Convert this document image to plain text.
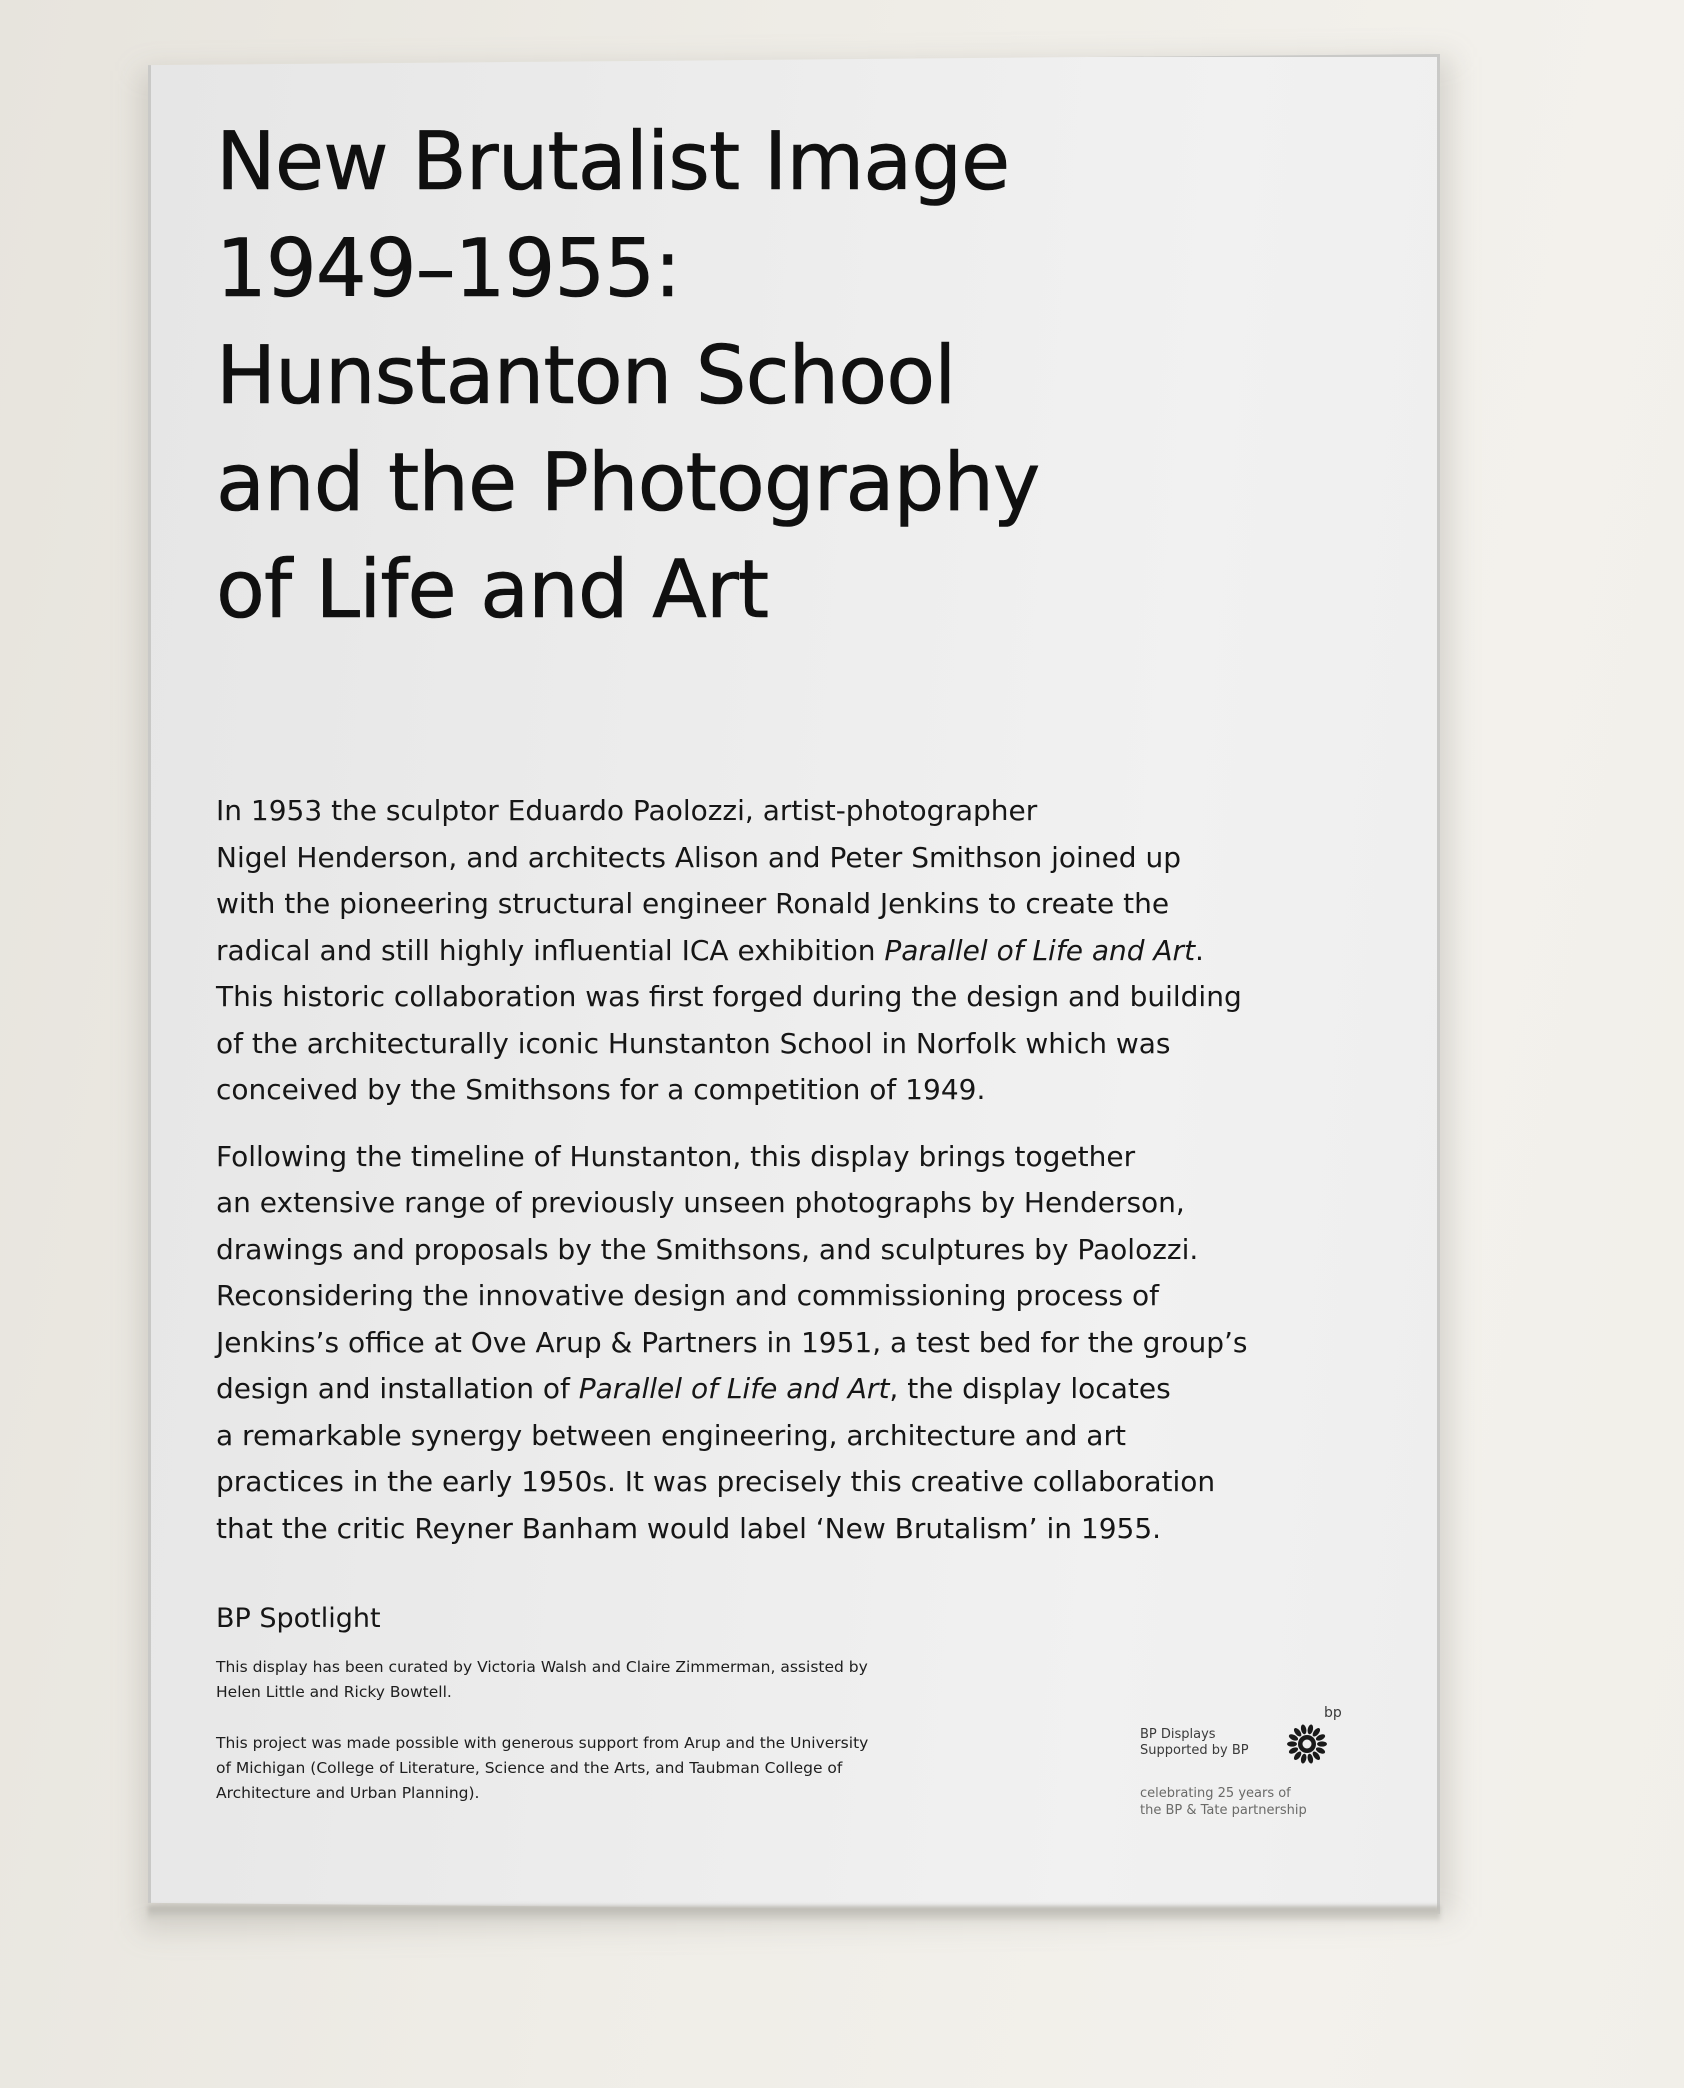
New Brutalist Image
1949–1955:
Hunstanton School
and the Photography
of Life and Art

In 1953 the sculptor Eduardo Paolozzi, artist-photographer
Nigel Henderson, and architects Alison and Peter Smithson joined up
with the pioneering structural engineer Ronald Jenkins to create the
radical and still highly influential ICA exhibition Parallel of Life and Art.
This historic collaboration was first forged during the design and building
of the architecturally iconic Hunstanton School in Norfolk which was
conceived by the Smithsons for a competition of 1949.

Following the timeline of Hunstanton, this display brings together
an extensive range of previously unseen photographs by Henderson,
drawings and proposals by the Smithsons, and sculptures by Paolozzi.
Reconsidering the innovative design and commissioning process of
Jenkins’s office at Ove Arup & Partners in 1951, a test bed for the group’s
design and installation of Parallel of Life and Art, the display locates
a remarkable synergy between engineering, architecture and art
practices in the early 1950s. It was precisely this creative collaboration
that the critic Reyner Banham would label ‘New Brutalism’ in 1955.

BP Spotlight

This display has been curated by Victoria Walsh and Claire Zimmerman, assisted by
Helen Little and Ricky Bowtell.

This project was made possible with generous support from Arup and the University
of Michigan (College of Literature, Science and the Arts, and Taubman College of
Architecture and Urban Planning).

bp
BP Displays
Supported by BP
celebrating 25 years of
the BP & Tate partnership
